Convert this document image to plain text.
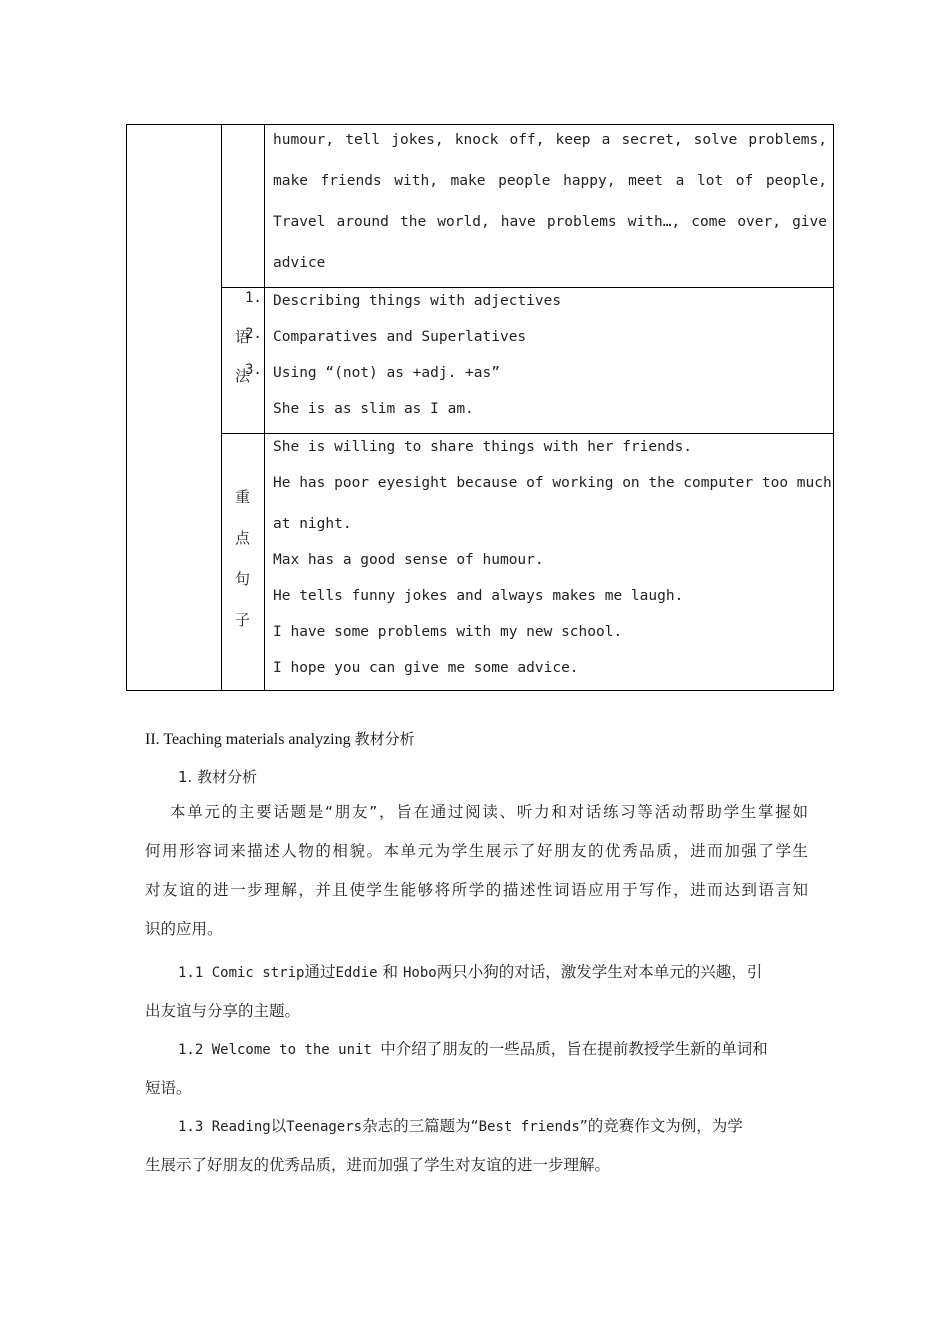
humour, tell jokes, knock off, keep a secret, solve problems,
make friends with, make people happy, meet a lot of people,
Travel around the world, have problems with…, come over, give
advice
1.
2.
3.
语
法
Describing things with adjectives
Comparatives and Superlatives
Using “(not) as +adj. +as”
She is as slim as I am.
重
点
句
子
She is willing to share things with her friends.
He has poor eyesight because of working on the computer too much
at night.
Max has a good sense of humour.
He tells funny jokes and always makes me laugh.
I have some problems with my new school.
I hope you can give me some advice.
II. Teaching materials analyzing 教材分析
1. 教材分析
本单元的主要话题是“朋友”，旨在通过阅读、听力和对话练习等活动帮助学生掌握如
何用形容词来描述人物的相貌。本单元为学生展示了好朋友的优秀品质，进而加强了学生
对友谊的进一步理解，并且使学生能够将所学的描述性词语应用于写作，进而达到语言知
识的应用。
1.1 Comic strip通过Eddie 和 Hobo两只小狗的对话，激发学生对本单元的兴趣，引
出友谊与分享的主题。
1.2 Welcome to the unit 中介绍了朋友的一些品质，旨在提前教授学生新的单词和
短语。
1.3 Reading以Teenagers杂志的三篇题为“Best friends”的竞赛作文为例，为学
生展示了好朋友的优秀品质，进而加强了学生对友谊的进一步理解。
